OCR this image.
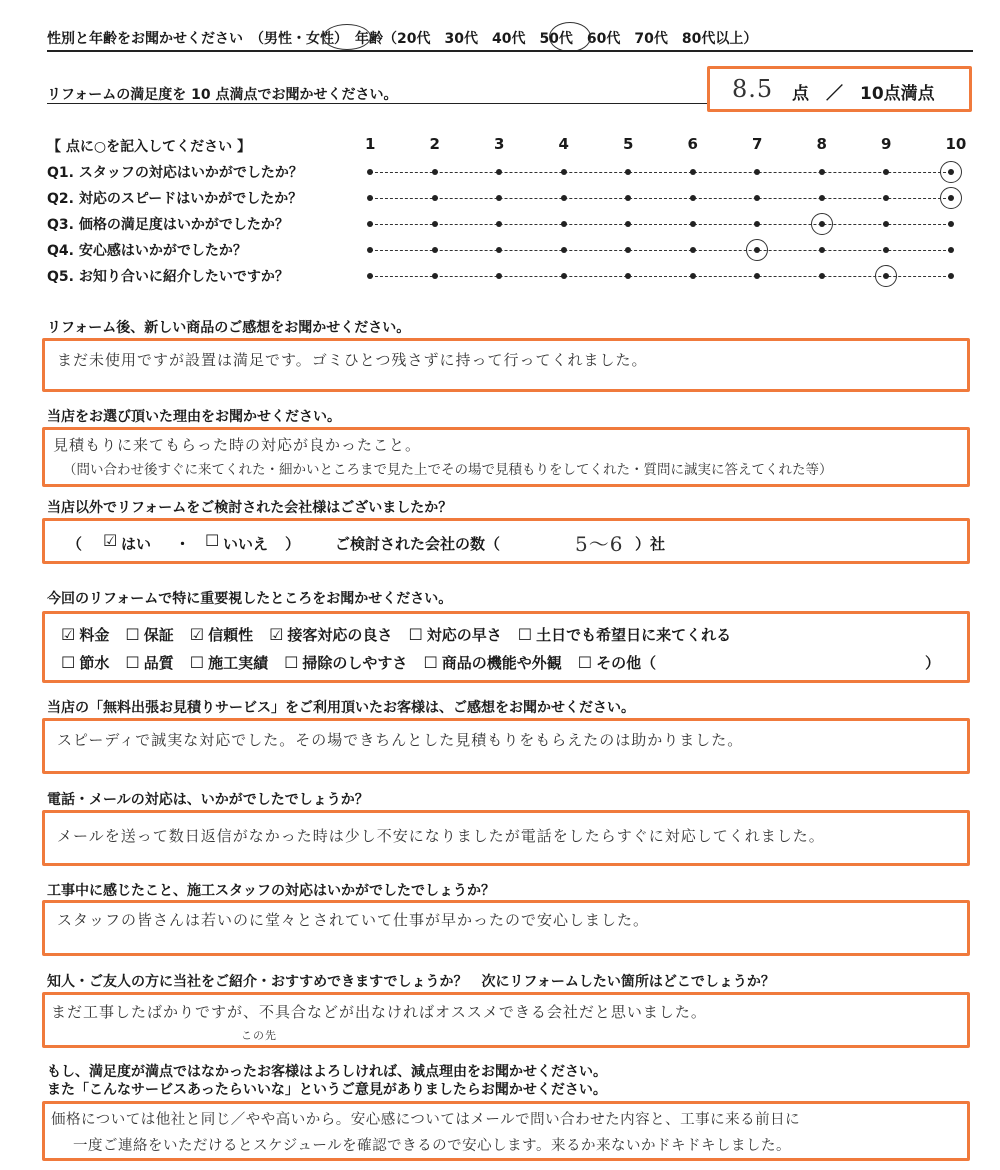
性別と年齢をお聞かせください　（男性・女性）　年齢（20代　30代　40代　50代　60代　70代　80代以上）
リフォームの満足度を 10 点満点でお聞かせください。	8.5 点　／　10点満点
【 点に○を記入してください 】	1	2	3	4	5	6	7	8	9	10
Q1. スタッフの対応はいかがでしたか？
Q2. 対応のスピードはいかがでしたか？
Q3. 価格の満足度はいかがでしたか？
Q4. 安心感はいかがでしたか？
Q5. お知り合いに紹介したいですか？
リフォーム後、新しい商品のご感想をお聞かせください。
まだ未使用ですが設置は満足です。ゴミひとつ残さずに持って行ってくれました。
当店をお選び頂いた理由をお聞かせください。
見積もりに来てもらった時の対応が良かったこと。
（問い合わせ後すぐに来てくれた・細かいところまで見た上でその場で見積もりをしてくれた・質問に誠実に答えてくれた等）
当店以外でリフォームをご検討された会社様はございましたか？
（ ☑ はい ・ ☐ いいえ ） ご検討された会社の数（	5〜6 ）社
今回のリフォームで特に重要視したところをお聞かせください。
☑ 料金 ☐ 保証 ☑ 信頼性 ☑ 接客対応の良さ ☐ 対応の早さ ☐ 土日でも希望日に来てくれる
☐ 節水 ☐ 品質 ☐ 施工実績 ☐ 掃除のしやすさ ☐ 商品の機能や外観 ☐ その他（	）
当店の「無料出張お見積りサービス」をご利用頂いたお客様は、ご感想をお聞かせください。
スピーディで誠実な対応でした。その場できちんとした見積もりをもらえたのは助かりました。
電話・メールの対応は、いかがでしたでしょうか？
メールを送って数日返信がなかった時は少し不安になりましたが電話をしたらすぐに対応してくれました。
工事中に感じたこと、施工スタッフの対応はいかがでしたでしょうか？
スタッフの皆さんは若いのに堂々とされていて仕事が早かったので安心しました。
知人・ご友人の方に当社をご紹介・おすすめできますでしょうか？　次にリフォームしたい箇所はどこでしょうか？
まだ工事したばかりですが、不具合などが出なければオススメできる会社だと思いました。
この先
もし、満足度が満点ではなかったお客様はよろしければ、減点理由をお聞かせください。
また「こんなサービスあったらいいな」というご意見がありましたらお聞かせください。
価格については他社と同じ／やや高いから。安心感についてはメールで問い合わせた内容と、工事に来る前日に
一度ご連絡をいただけるとスケジュールを確認できるので安心します。来るか来ないかドキドキしました。
